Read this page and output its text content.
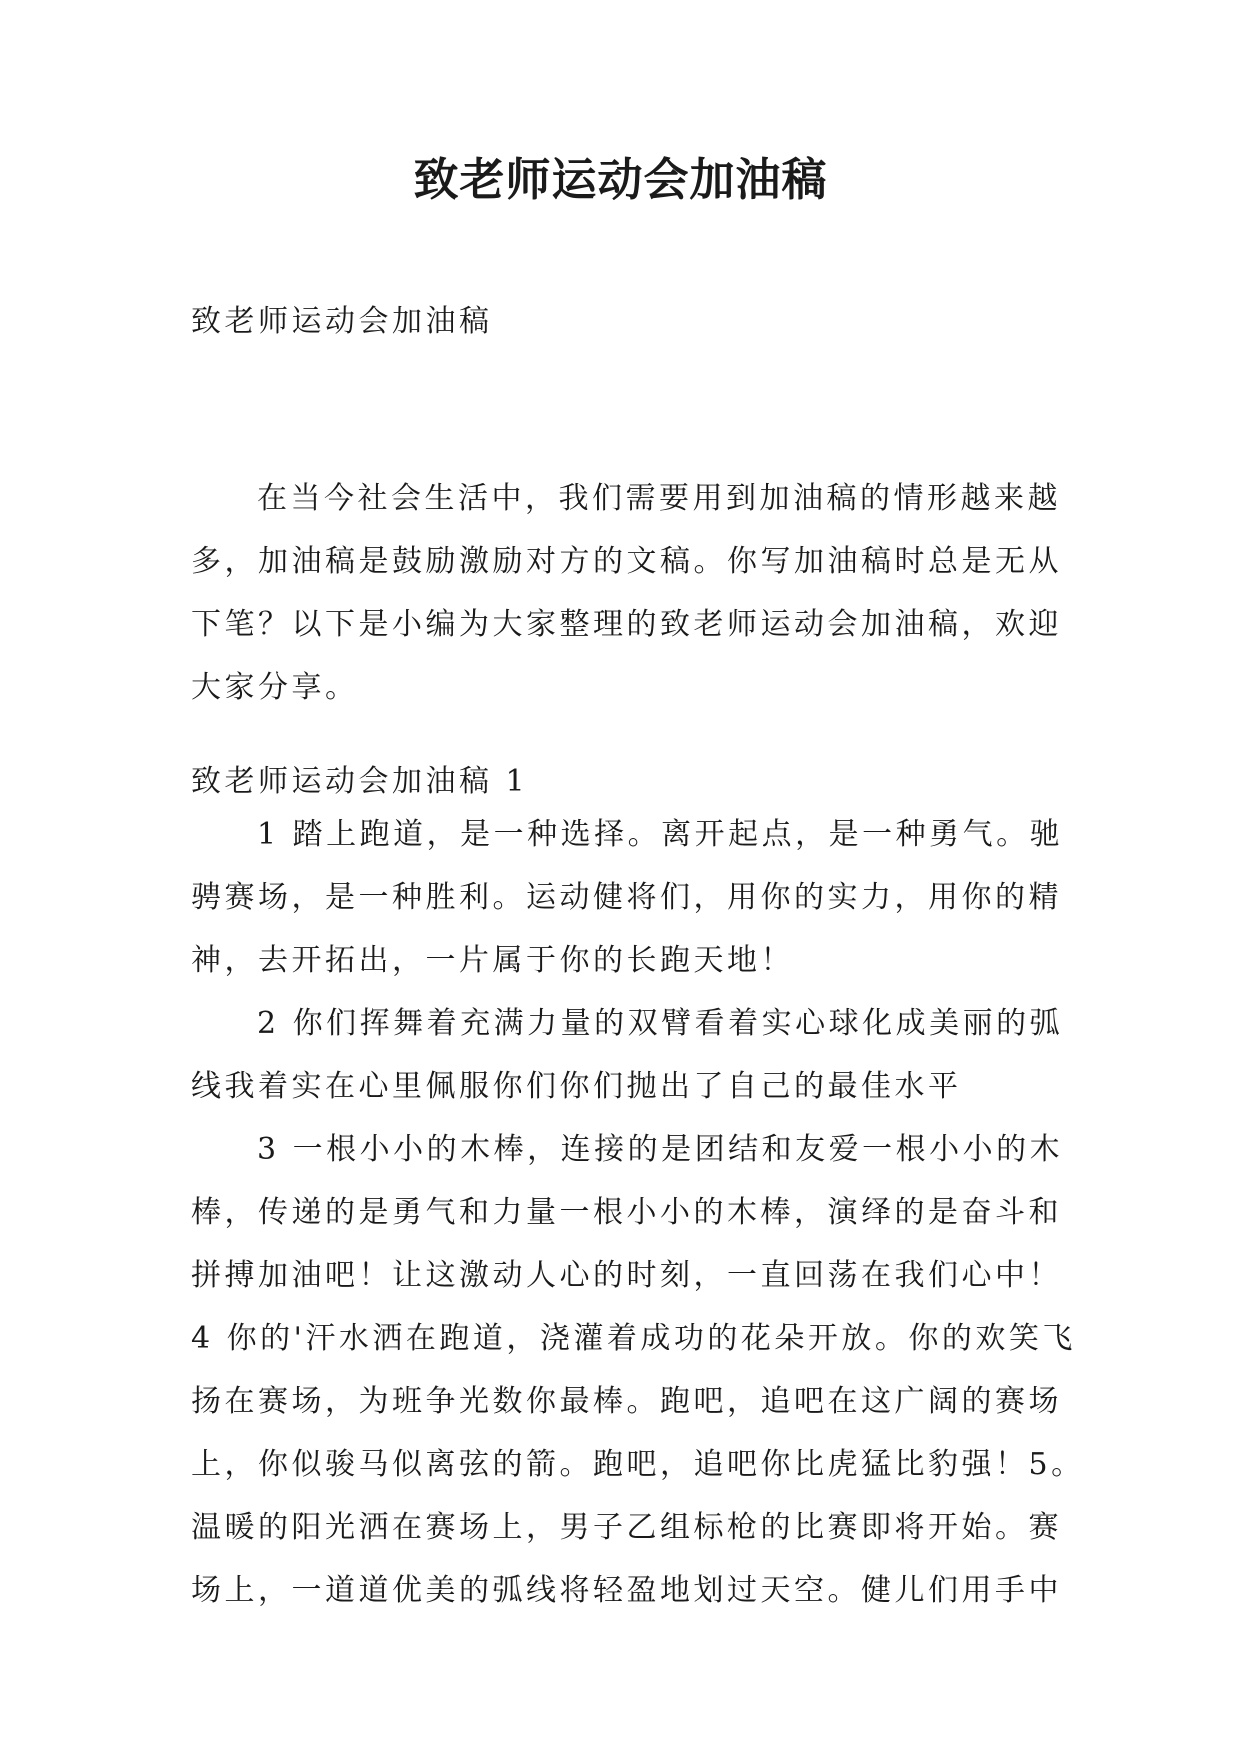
致老师运动会加油稿

致老师运动会加油稿

在当今社会生活中，我们需要用到加油稿的情形越来越
多，加油稿是鼓励激励对方的文稿。你写加油稿时总是无从
下笔？以下是小编为大家整理的致老师运动会加油稿，欢迎
大家分享。

致老师运动会加油稿 1

1 踏上跑道，是一种选择。离开起点，是一种勇气。驰
骋赛场，是一种胜利。运动健将们，用你的实力，用你的精
神，去开拓出，一片属于你的长跑天地！
2 你们挥舞着充满力量的双臂看着实心球化成美丽的弧
线我着实在心里佩服你们你们抛出了自己的最佳水平
3 一根小小的木棒，连接的是团结和友爱一根小小的木
棒，传递的是勇气和力量一根小小的木棒，演绎的是奋斗和
拼搏加油吧！让这激动人心的时刻，一直回荡在我们心中！
4 你的'汗水洒在跑道，浇灌着成功的花朵开放。你的欢笑飞
扬在赛场，为班争光数你最棒。跑吧，追吧在这广阔的赛场
上，你似骏马似离弦的箭。跑吧，追吧你比虎猛比豹强！5。
温暖的阳光洒在赛场上，男子乙组标枪的比赛即将开始。赛
场上，一道道优美的弧线将轻盈地划过天空。健儿们用手中
